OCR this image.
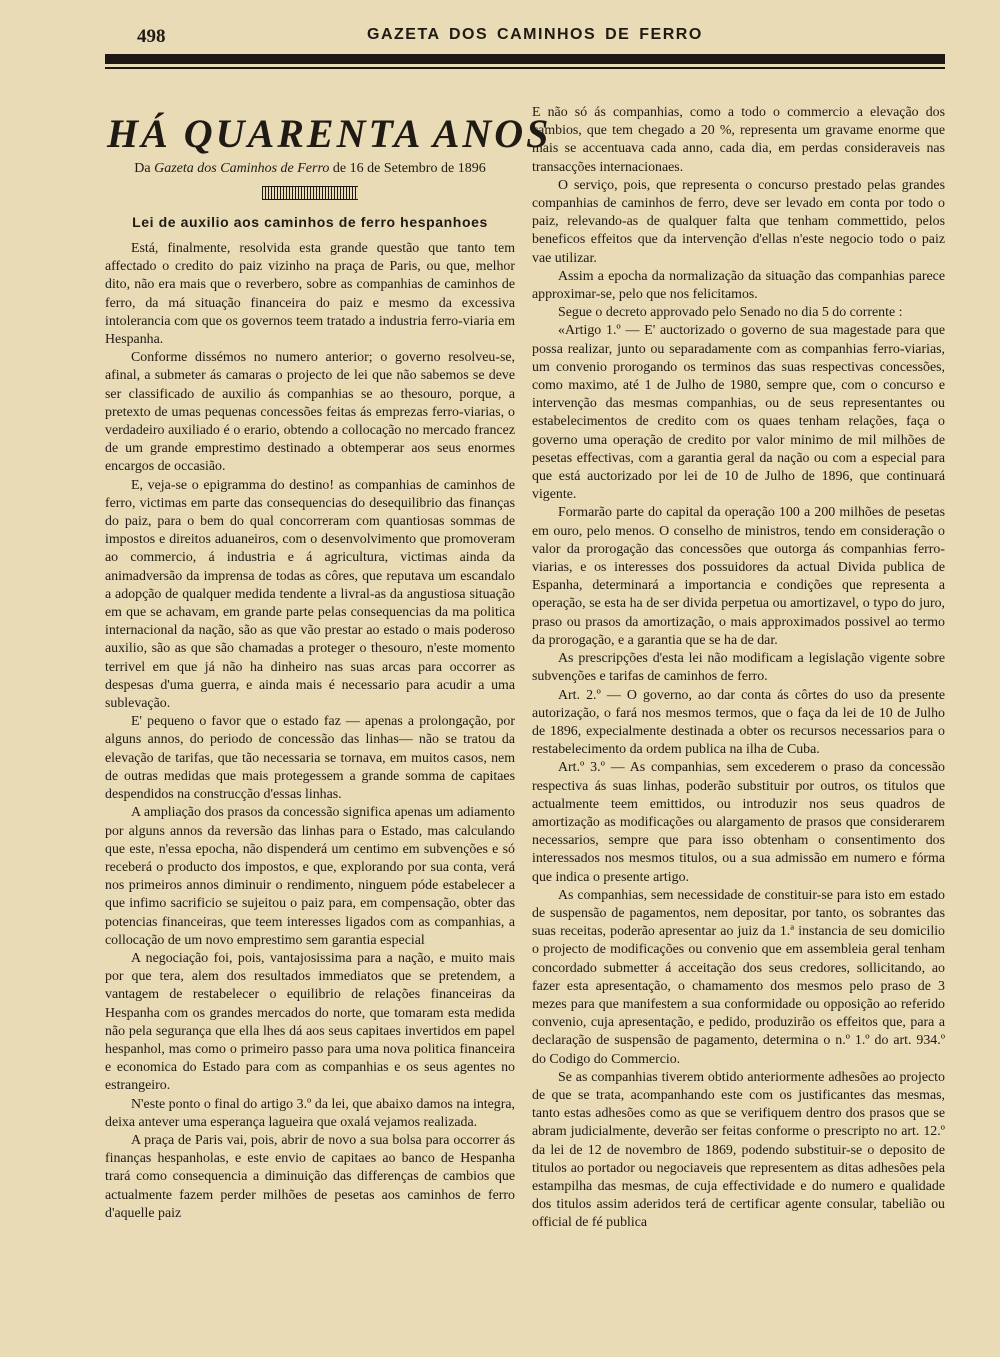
498	GAZETA DOS CAMINHOS DE FERRO
HÁ QUARENTA ANOS
Da Gazeta dos Caminhos de Ferro de 16 de Setembro de 1896
Lei de auxilio aos caminhos de ferro hespanhoes

Está, finalmente, resolvida esta grande questão que tanto tem affectado o credito do paiz vizinho na praça de Paris, ou que, melhor dito, não era mais que o reverbero, sobre as companhias de caminhos de ferro, da má situação financeira do paiz e mesmo da excessiva intolerancia com que os governos teem tratado a industria ferro-viaria em Hespanha.

Conforme dissémos no numero anterior; o governo resolveu-se, afinal, a submeter ás camaras o projecto de lei que não sabemos se deve ser classificado de auxilio ás companhias se ao thesouro, porque, a pretexto de umas pequenas concessões feitas ás emprezas ferro-viarias, o verdadeiro auxiliado é o erario, obtendo a collocação no mercado francez de um grande emprestimo destinado a obtemperar aos seus enormes encargos de occasião.

E, veja-se o epigramma do destino! as companhias de caminhos de ferro, victimas em parte das consequencias do desequilibrio das finanças do paiz, para o bem do qual concorreram com quantiosas sommas de impostos e direitos aduaneiros, com o desenvolvimento que promoveram ao commercio, á industria e á agricultura, victimas ainda da animadversão da imprensa de todas as côres, que reputava um escandalo a adopção de qualquer medida tendente a livral-as da angustiosa situação em que se achavam, em grande parte pelas consequencias da ma politica internacional da nação, são as que vão prestar ao estado o mais poderoso auxilio, são as que são chamadas a proteger o thesouro, n'este momento terrivel em que já não ha dinheiro nas suas arcas para occorrer as despesas d'uma guerra, e ainda mais é necessario para acudir a uma sublevação.

E' pequeno o favor que o estado faz — apenas a prolongação, por alguns annos, do periodo de concessão das linhas— não se tratou da elevação de tarifas, que tão necessaria se tornava, em muitos casos, nem de outras medidas que mais protegessem a grande somma de capitaes despendidos na construcção d'essas linhas.

A ampliação dos prasos da concessão significa apenas um adiamento por alguns annos da reversão das linhas para o Estado, mas calculando que este, n'essa epocha, não dispenderá um centimo em subvenções e só receberá o producto dos impostos, e que, explorando por sua conta, verá nos primeiros annos diminuir o rendimento, ninguem póde estabelecer a que infimo sacrificio se sujeitou o paiz para, em compensação, obter das potencias financeiras, que teem interesses ligados com as companhias, a collocação de um novo emprestimo sem garantia especial

A negociação foi, pois, vantajosissima para a nação, e muito mais por que tera, alem dos resultados immediatos que se pretendem, a vantagem de restabelecer o equilibrio de relações financeiras da Hespanha com os grandes mercados do norte, que tomaram esta medida não pela segurança que ella lhes dá aos seus capitaes invertidos em papel hespanhol, mas como o primeiro passo para uma nova politica financeira e economica do Estado para com as companhias e os seus agentes no estrangeiro.

N'este ponto o final do artigo 3.º da lei, que abaixo damos na integra, deixa antever uma esperança lagueira que oxalá vejamos realizada.

A praça de Paris vai, pois, abrir de novo a sua bolsa para occorrer ás finanças hespanholas, e este envio de capitaes ao banco de Hespanha trará como consequencia a diminuição das differenças de cambios que actualmente fazem perder milhões de pesetas aos caminhos de ferro d'aquelle paiz

E não só ás companhias, como a todo o commercio a elevação dos cambios, que tem chegado a 20 %, representa um gravame enorme que mais se accentuava cada anno, cada dia, em perdas consideraveis nas transacções internacionaes.

O serviço, pois, que representa o concurso prestado pelas grandes companhias de caminhos de ferro, deve ser levado em conta por todo o paiz, relevando-as de qualquer falta que tenham commettido, pelos beneficos effeitos que da intervenção d'ellas n'este negocio todo o paiz vae utilizar.

Assim a epocha da normalização da situação das companhias parece approximar-se, pelo que nos felicitamos.

Segue o decreto approvado pelo Senado no dia 5 do corrente :

«Artigo 1.º — E' auctorizado o governo de sua magestade para que possa realizar, junto ou separadamente com as companhias ferro-viarias, um convenio prorogando os terminos das suas respectivas concessões, como maximo, até 1 de Julho de 1980, sempre que, com o concurso e intervenção das mesmas companhias, ou de seus representantes ou estabelecimentos de credito com os quaes tenham relações, faça o governo uma operação de credito por valor minimo de mil milhões de pesetas effectivas, com a garantia geral da nação ou com a especial para que está auctorizado por lei de 10 de Julho de 1896, que continuará vigente.

Formarão parte do capital da operação 100 a 200 milhões de pesetas em ouro, pelo menos. O conselho de ministros, tendo em consideração o valor da prorogação das concessões que outorga ás companhias ferro-viarias, e os interesses dos possuidores da actual Divida publica de Espanha, determinará a importancia e condições que representa a operação, se esta ha de ser divida perpetua ou amortizavel, o typo do juro, praso ou prasos da amortização, o mais approximados possivel ao termo da prorogação, e a garantia que se ha de dar.

As prescripções d'esta lei não modificam a legislação vigente sobre subvenções e tarifas de caminhos de ferro.

Art. 2.º — O governo, ao dar conta ás côrtes do uso da presente autorização, o fará nos mesmos termos, que o faça da lei de 10 de Julho de 1896, expecialmente destinada a obter os recursos necessarios para o restabelecimento da ordem publica na ilha de Cuba.

Art.º 3.º — As companhias, sem excederem o praso da concessão respectiva ás suas linhas, poderão substituir por outros, os titulos que actualmente teem emittidos, ou introduzir nos seus quadros de amortização as modificações ou alargamento de prasos que considerarem necessarios, sempre que para isso obtenham o consentimento dos interessados nos mesmos titulos, ou a sua admissão em numero e fórma que indica o presente artigo.

As companhias, sem necessidade de constituir-se para isto em estado de suspensão de pagamentos, nem depositar, por tanto, os sobrantes das suas receitas, poderão apresentar ao juiz da 1.ª instancia de seu domicilio o projecto de modificações ou convenio que em assembleia geral tenham concordado submetter á acceitação dos seus credores, sollicitando, ao fazer esta apresentação, o chamamento dos mesmos pelo praso de 3 mezes para que manifestem a sua conformidade ou opposição ao referido convenio, cuja apresentação, e pedido, produzirão os effeitos que, para a declaração de suspensão de pagamento, determina o n.º 1.º do art. 934.º do Codigo do Commercio.

Se as companhias tiverem obtido anteriormente adhesões ao projecto de que se trata, acompanhando este com os justificantes das mesmas, tanto estas adhesões como as que se verifiquem dentro dos prasos que se abram judicialmente, deverão ser feitas conforme o prescripto no art. 12.º da lei de 12 de novembro de 1869, podendo substituir-se o deposito de titulos ao portador ou negociaveis que representem as ditas adhesões pela estampilha das mesmas, de cuja effectividade e do numero e qualidade dos titulos assim aderidos terá de certificar agente consular, tabelião ou official de fé publica
